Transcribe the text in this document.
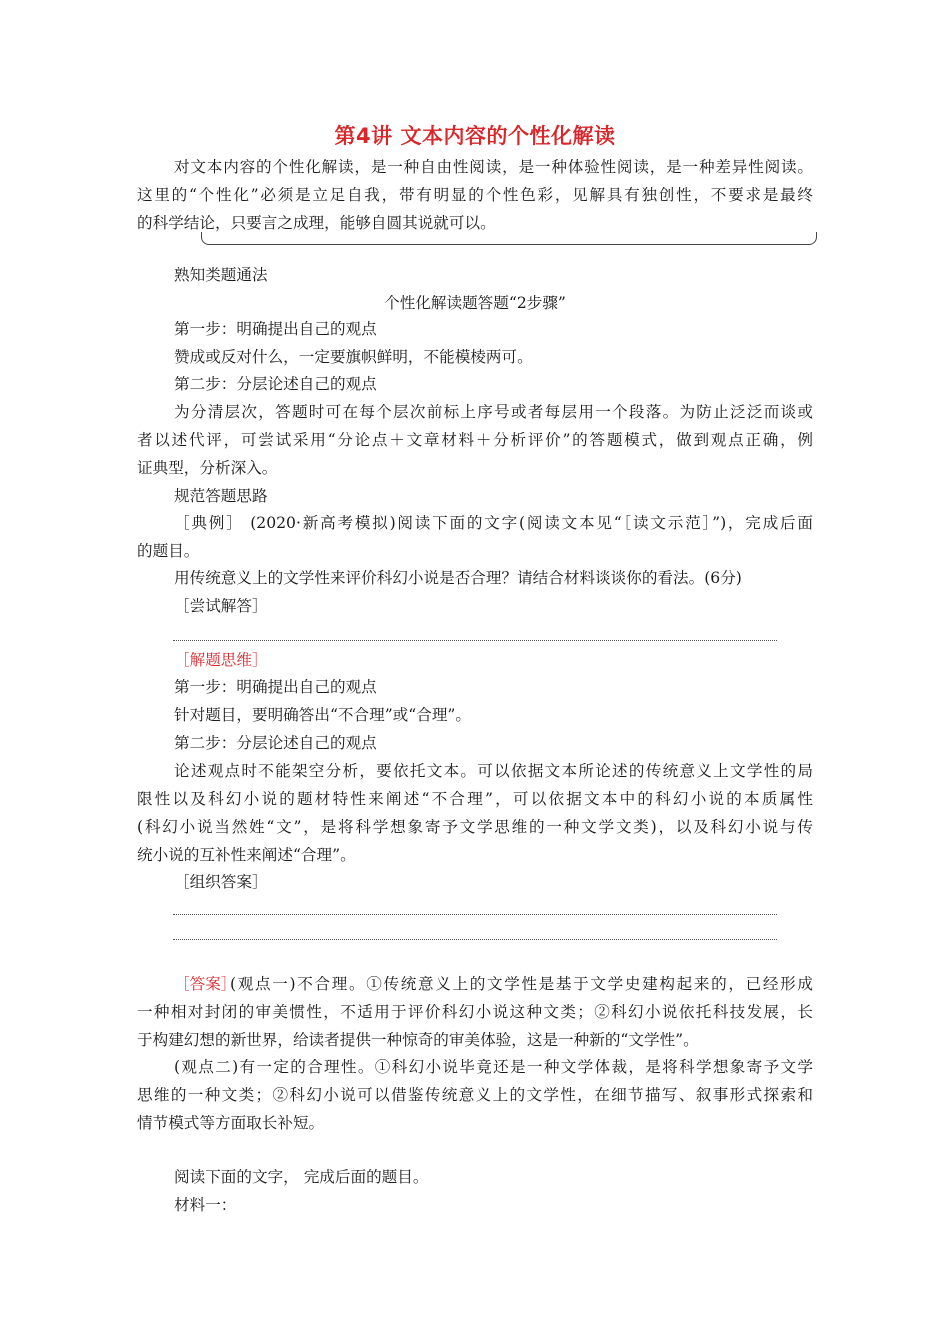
第4讲 文本内容的个性化解读
对文本内容的个性化解读，是一种自由性阅读，是一种体验性阅读，是一种差异性阅读。
这里的“个性化”必须是立足自我，带有明显的个性色彩，见解具有独创性，不要求是最终
的科学结论，只要言之成理，能够自圆其说就可以。
熟知类题通法
个性化解读题答题“2步骤”
第一步：明确提出自己的观点
赞成或反对什么，一定要旗帜鲜明，不能模棱两可。
第二步：分层论述自己的观点
为分清层次，答题时可在每个层次前标上序号或者每层用一个段落。为防止泛泛而谈或
者以述代评，可尝试采用“分论点＋文章材料＋分析评价”的答题模式，做到观点正确，例
证典型，分析深入。
规范答题思路
［典例］ (2020·新高考模拟)阅读下面的文字(阅读文本见“［读文示范］”)，完成后面
的题目。
用传统意义上的文学性来评价科幻小说是否合理？请结合材料谈谈你的看法。(6分)
［尝试解答］
［解题思维］
第一步：明确提出自己的观点
针对题目，要明确答出“不合理”或“合理”。
第二步：分层论述自己的观点
论述观点时不能架空分析，要依托文本。可以依据文本所论述的传统意义上文学性的局
限性以及科幻小说的题材特性来阐述“不合理”，可以依据文本中的科幻小说的本质属性
(科幻小说当然姓“文”，是将科学想象寄予文学思维的一种文学文类)，以及科幻小说与传
统小说的互补性来阐述“合理”。
［组织答案］
［答案］
(观点一)不合理。①传统意义上的文学性是基于文学史建构起来的，已经形成
一种相对封闭的审美惯性，不适用于评价科幻小说这种文类；②科幻小说依托科技发展，长
于构建幻想的新世界，给读者提供一种惊奇的审美体验，这是一种新的“文学性”。
(观点二)有一定的合理性。①科幻小说毕竟还是一种文学体裁，是将科学想象寄予文学
思维的一种文类；②科幻小说可以借鉴传统意义上的文学性，在细节描写、叙事形式探索和
情节模式等方面取长补短。
阅读下面的文字， 完成后面的题目。
材料一：
